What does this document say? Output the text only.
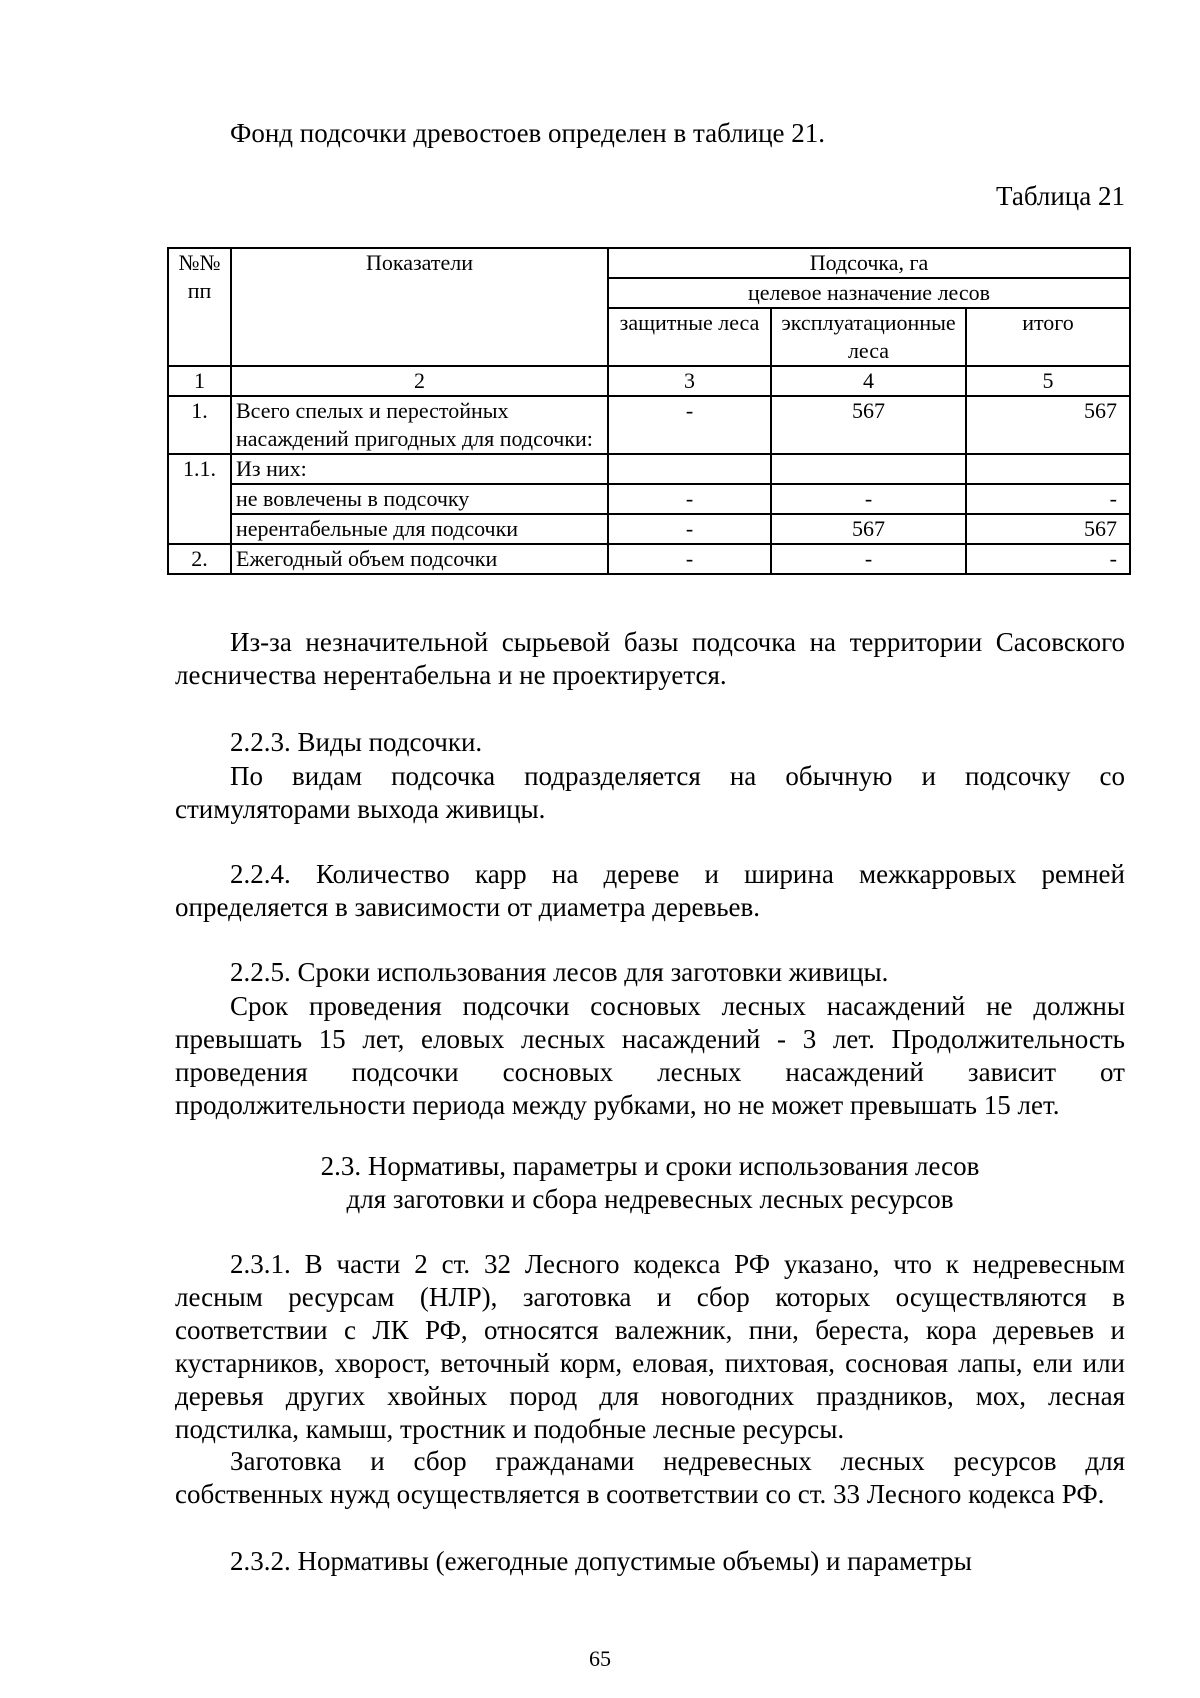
Фонд подсочки древостоев определен в таблице 21.

Таблица 21

№№ пп	Показатели	Подсочка, га		
		целевое назначение лесов		
		защитные леса	эксплуатационные леса	итого
1	2	3	4	5
1.	Всего спелых и перестойных насаждений пригодных для подсочки:	-	567	567
1.1.	Из них:			
	не вовлечены в подсочку	-	-	-
	нерентабельные для подсочки	-	567	567
2.	Ежегодный объем подсочки	-	-	-

Из-за незначительной сырьевой базы подсочка на территории Сасовского лесничества нерентабельна и не проектируется.

2.2.3. Виды подсочки.

По видам подсочка подразделяется на обычную и подсочку со стимуляторами выхода живицы.

2.2.4. Количество карр на дереве и ширина межкарровых ремней определяется в зависимости от диаметра деревьев.

2.2.5. Сроки использования лесов для заготовки живицы.

Срок проведения подсочки сосновых лесных насаждений не должны превышать 15 лет, еловых лесных насаждений - 3 лет. Продолжительность проведения подсочки сосновых лесных насаждений зависит от продолжительности периода между рубками, но не может превышать 15 лет.

2.3. Нормативы, параметры и сроки использования лесов
для заготовки и сбора недревесных лесных ресурсов

2.3.1. В части 2 ст. 32 Лесного кодекса РФ указано, что к недревесным лесным ресурсам (НЛР), заготовка и сбор которых осуществляются в соответствии с ЛК РФ, относятся валежник, пни, береста, кора деревьев и кустарников, хворост, веточный корм, еловая, пихтовая, сосновая лапы, ели или деревья других хвойных пород для новогодних праздников, мох, лесная подстилка, камыш, тростник и подобные лесные ресурсы.

Заготовка и сбор гражданами недревесных лесных ресурсов для собственных нужд осуществляется в соответствии со ст. 33 Лесного кодекса РФ.

2.3.2. Нормативы (ежегодные допустимые объемы) и параметры

65
